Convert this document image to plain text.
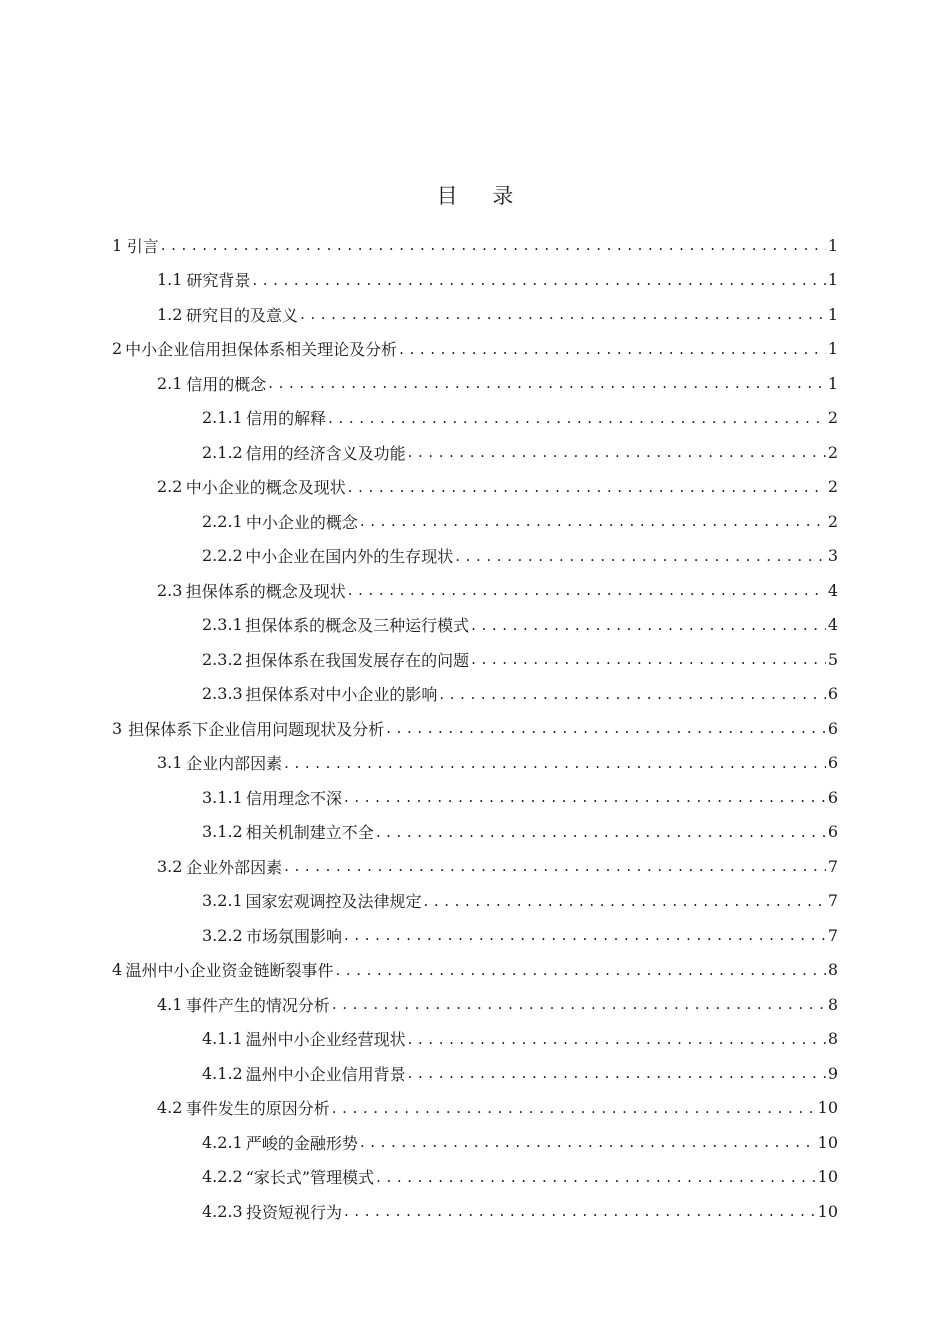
目 录
1 引言 .....	1
1.1 研究背景 .....	1
1.2 研究目的及意义 .....	1
2 中小企业信用担保体系相关理论及分析 .....	1
2.1 信用的概念 .....	1
2.1.1 信用的解释 .....	2
2.1.2 信用的经济含义及功能 .....	2
2.2 中小企业的概念及现状 .....	2
2.2.1 中小企业的概念 .....	2
2.2.2 中小企业在国内外的生存现状 .....	3
2.3 担保体系的概念及现状 .....	4
2.3.1 担保体系的概念及三种运行模式 .....	4
2.3.2 担保体系在我国发展存在的问题 .....	5
2.3.3 担保体系对中小企业的影响 .....	6
3 担保体系下企业信用问题现状及分析 .....	6
3.1 企业内部因素 .....	6
3.1.1 信用理念不深 .....	6
3.1.2 相关机制建立不全 .....	6
3.2 企业外部因素 .....	7
3.2.1 国家宏观调控及法律规定 .....	7
3.2.2 市场氛围影响 .....	7
4 温州中小企业资金链断裂事件 .....	8
4.1 事件产生的情况分析 .....	8
4.1.1 温州中小企业经营现状 .....	8
4.1.2 温州中小企业信用背景 .....	9
4.2 事件发生的原因分析 .....	10
4.2.1 严峻的金融形势 .....	10
4.2.2 “家长式”管理模式 .....	10
4.2.3 投资短视行为 .....	10
